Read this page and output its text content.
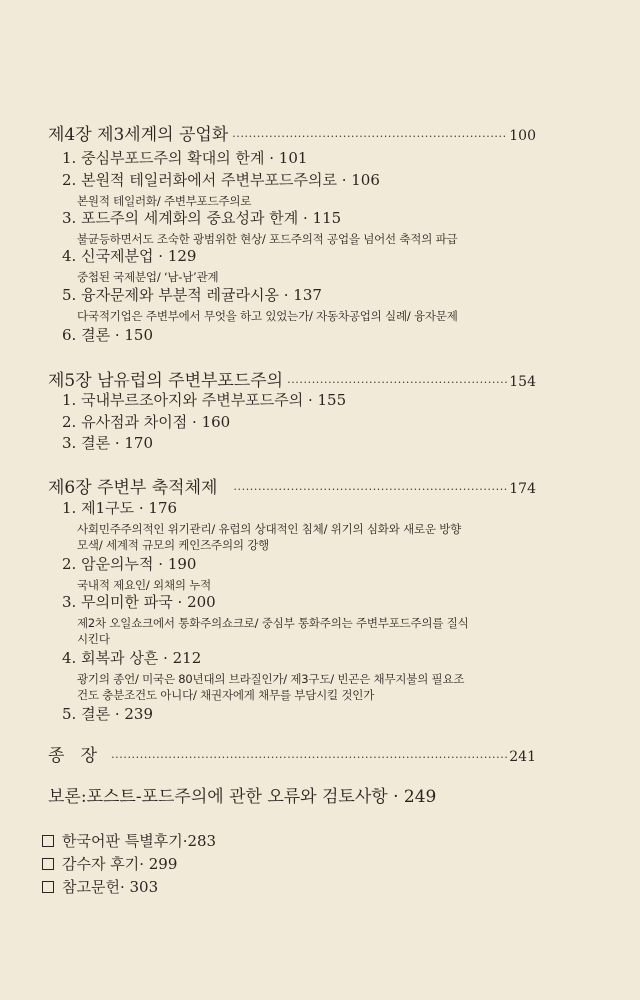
제4장 제3세계의 공업화 ·····	100
1. 중심부포드주의 확대의 한계 · 101
2. 본원적 테일러화에서 주변부포드주의로 · 106
본원적 테일러화/ 주변부포드주의로
3. 포드주의 세계화의 중요성과 한계 · 115
불균등하면서도 조숙한 광범위한 현상/ 포드주의적 공업을 넘어선 축적의 파급
4. 신국제분업 · 129
중첩된 국제분업/ ‘남-남’관계
5. 융자문제와 부분적 레귤라시옹 · 137
다국적기업은 주변부에서 무엇을 하고 있었는가/ 자동차공업의 실례/ 융자문제
6. 결론 · 150
제5장 남유럽의 주변부포드주의 ·····	154
1. 국내부르조아지와 주변부포드주의 · 155
2. 유사점과 차이점 · 160
3. 결론 · 170
제6장 주변부 축적체제 ·····	174
1. 제1구도 · 176
사회민주주의적인 위기관리/ 유럽의 상대적인 침체/ 위기의 심화와 새로운 방향
모색/ 세계적 규모의 케인즈주의의 강행
2. 암운의누적 · 190
국내적 제요인/ 외채의 누적
3. 무의미한 파국 · 200
제2차 오일쇼크에서 통화주의쇼크로/ 중심부 통화주의는 주변부포드주의를 질식
시킨다
4. 회복과 상흔 · 212
광기의 종언/ 미국은 80년대의 브라질인가/ 제3구도/ 빈곤은 채무지불의 필요조
건도 충분조건도 아니다/ 채권자에게 채무를 부담시킬 것인가
5. 결론 · 239
종   장 ·····	241
보론:포스트-포드주의에 관한 오류와 검토사항 · 249
한국어판 특별후기·283
감수자 후기· 299
참고문헌· 303
